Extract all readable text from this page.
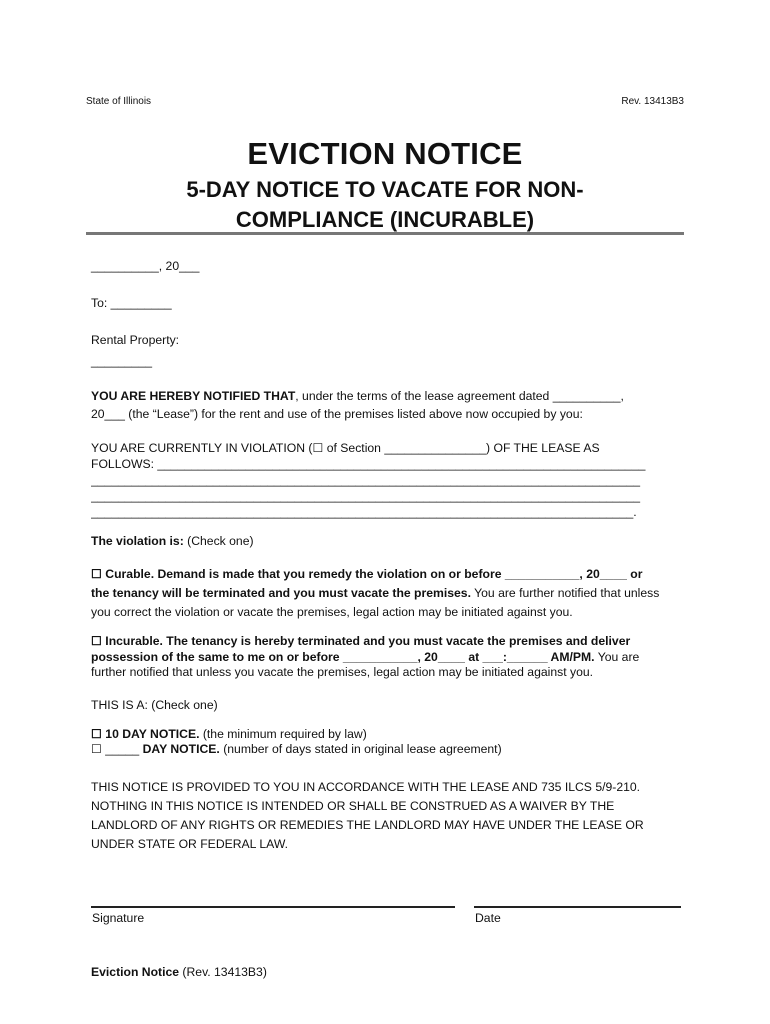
State of Illinois	Rev. 13413B3
EVICTION NOTICE
5-DAY NOTICE TO VACATE FOR NON-COMPLIANCE (INCURABLE)
__________, 20___
To: _________
Rental Property:
_________
YOU ARE HEREBY NOTIFIED THAT, under the terms of the lease agreement dated __________,
20___ (the “Lease”) for the rent and use of the premises listed above now occupied by you:
YOU ARE CURRENTLY IN VIOLATION (☐ of Section _______________) OF THE LEASE AS
FOLLOWS: ________________________________________________________________________
_________________________________________________________________________________
_________________________________________________________________________________
________________________________________________________________________________.
The violation is: (Check one)
☐ Curable. Demand is made that you remedy the violation on or before ___________, 20____ or
the tenancy will be terminated and you must vacate the premises. You are further notified that unless
you correct the violation or vacate the premises, legal action may be initiated against you.
☐ Incurable. The tenancy is hereby terminated and you must vacate the premises and deliver
possession of the same to me on or before ___________, 20____ at ___:______ AM/PM. You are
further notified that unless you vacate the premises, legal action may be initiated against you.
THIS IS A: (Check one)
☐ 10 DAY NOTICE. (the minimum required by law)
☐ _____ DAY NOTICE. (number of days stated in original lease agreement)
THIS NOTICE IS PROVIDED TO YOU IN ACCORDANCE WITH THE LEASE AND 735 ILCS 5/9-210.
NOTHING IN THIS NOTICE IS INTENDED OR SHALL BE CONSTRUED AS A WAIVER BY THE
LANDLORD OF ANY RIGHTS OR REMEDIES THE LANDLORD MAY HAVE UNDER THE LEASE OR
UNDER STATE OR FEDERAL LAW.
Signature	Date
Eviction Notice (Rev. 13413B3)
